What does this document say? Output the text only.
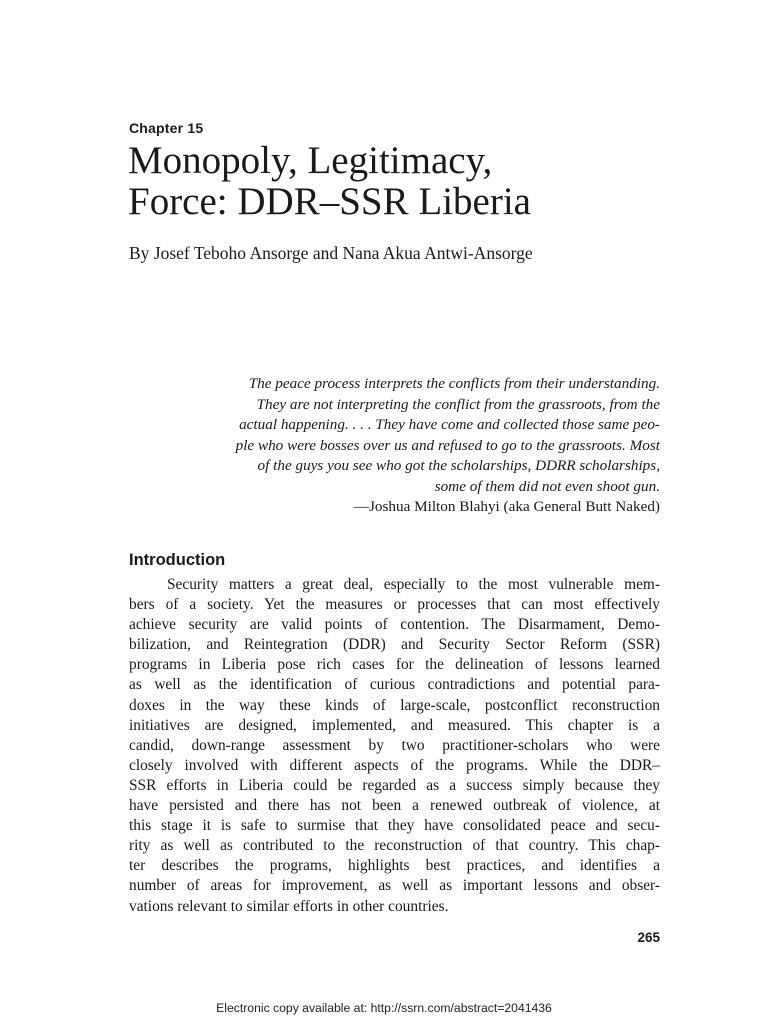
Chapter 15
Monopoly, Legitimacy,
Force: DDR–SSR Liberia
By Josef Teboho Ansorge and Nana Akua Antwi-Ansorge
The peace process interprets the conflicts from their understanding.
They are not interpreting the conflict from the grassroots, from the
actual happening. . . . They have come and collected those same peo-
ple who were bosses over us and refused to go to the grassroots. Most
of the guys you see who got the scholarships, DDRR scholarships,
some of them did not even shoot gun.
—Joshua Milton Blahyi (aka General Butt Naked)
Introduction
Security matters a great deal, especially to the most vulnerable mem-
bers of a society. Yet the measures or processes that can most effectively
achieve security are valid points of contention. The Disarmament, Demo-
bilization, and Reintegration (DDR) and Security Sector Reform (SSR)
programs in Liberia pose rich cases for the delineation of lessons learned
as well as the identification of curious contradictions and potential para-
doxes in the way these kinds of large-scale, postconflict reconstruction
initiatives are designed, implemented, and measured. This chapter is a
candid, down-range assessment by two practitioner-scholars who were
closely involved with different aspects of the programs. While the DDR–
SSR efforts in Liberia could be regarded as a success simply because they
have persisted and there has not been a renewed outbreak of violence, at
this stage it is safe to surmise that they have consolidated peace and secu-
rity as well as contributed to the reconstruction of that country. This chap-
ter describes the programs, highlights best practices, and identifies a
number of areas for improvement, as well as important lessons and obser-
vations relevant to similar efforts in other countries.
265
Electronic copy available at: http://ssrn.com/abstract=2041436
